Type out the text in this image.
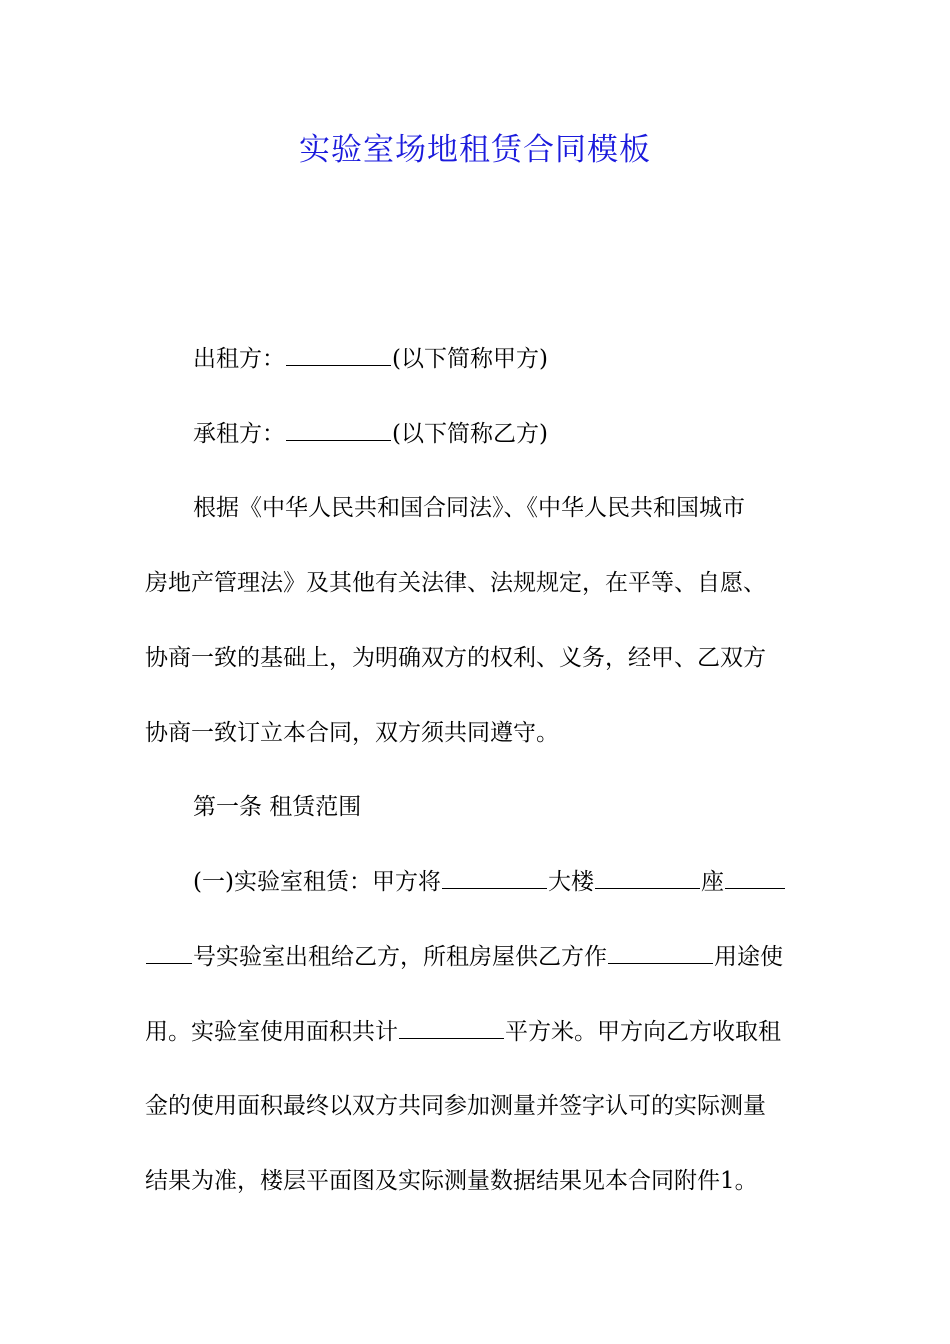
实验室场地租赁合同模板
出租方：	(以下简称甲方)
承租方：	(以下简称乙方)
根据《中华人民共和国合同法》、《中华人民共和国城市
房地产管理法》及其他有关法律、法规规定，在平等、自愿、
协商一致的基础上，为明确双方的权利、义务，经甲、乙双方
协商一致订立本合同，双方须共同遵守。
第一条 租赁范围
(一)实验室租赁：甲方将	大楼	座
号实验室出租给乙方，所租房屋供乙方作	用途使
用。实验室使用面积共计	平方米。甲方向乙方收取租
金的使用面积最终以双方共同参加测量并签字认可的实际测量
结果为准，楼层平面图及实际测量数据结果见本合同附件1。
